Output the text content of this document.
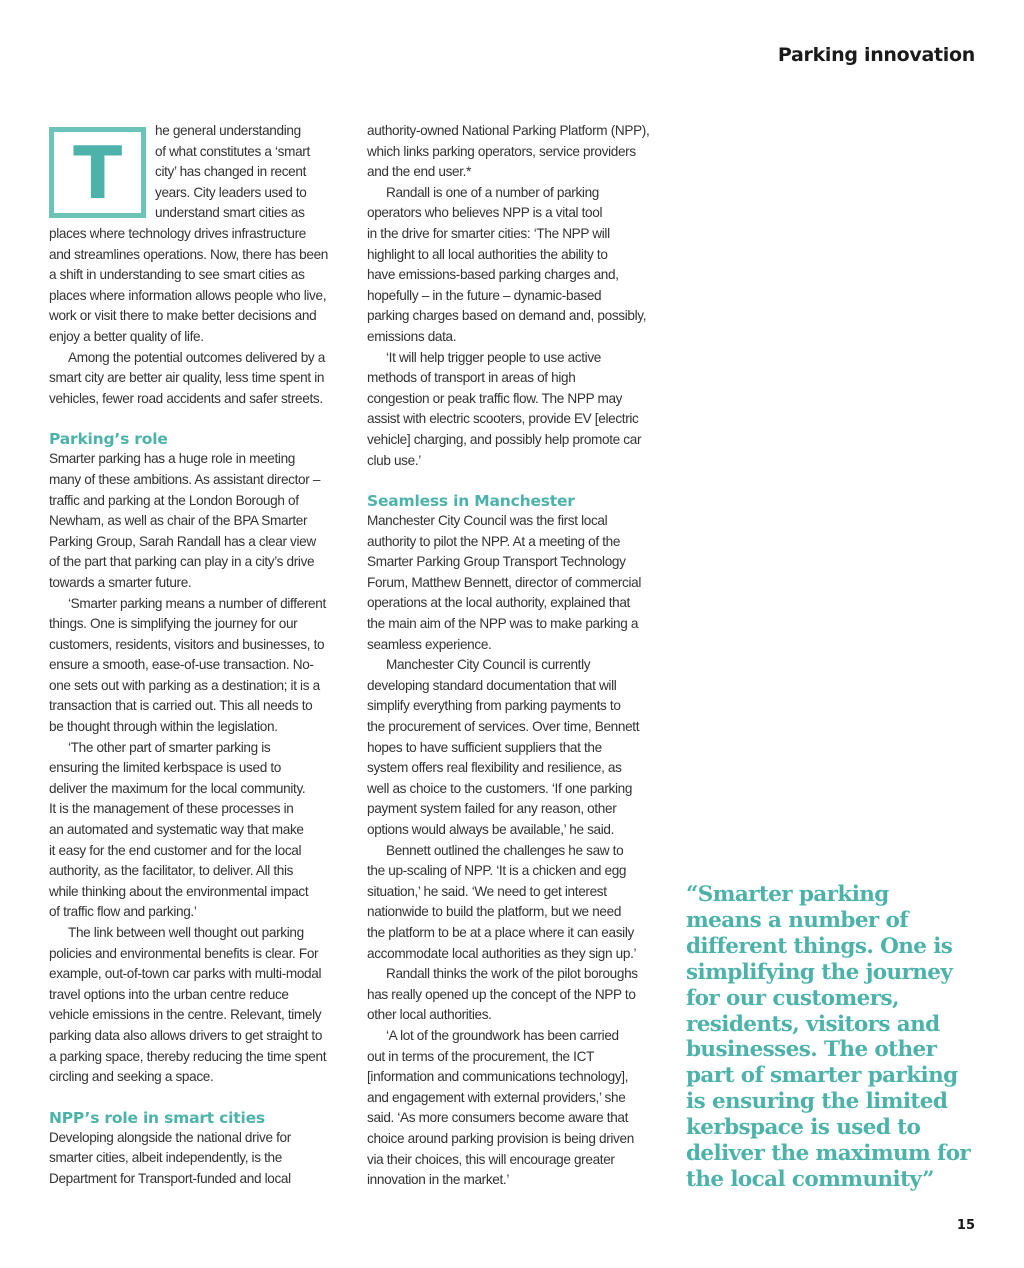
Parking innovation
T
he general understanding
of what constitutes a ‘smart
city’ has changed in recent
years. City leaders used to
understand smart cities as
places where technology drives infrastructure
and streamlines operations. Now, there has been
a shift in understanding to see smart cities as
places where information allows people who live,
work or visit there to make better decisions and
enjoy a better quality of life.
Among the potential outcomes delivered by a
smart city are better air quality, less time spent in
vehicles, fewer road accidents and safer streets.
Parking’s role
Smarter parking has a huge role in meeting
many of these ambitions. As assistant director –
traffic and parking at the London Borough of
Newham, as well as chair of the BPA Smarter
Parking Group, Sarah Randall has a clear view
of the part that parking can play in a city’s drive
towards a smarter future.
‘Smarter parking means a number of different
things. One is simplifying the journey for our
customers, residents, visitors and businesses, to
ensure a smooth, ease-of-use transaction. No-
one sets out with parking as a destination; it is a
transaction that is carried out. This all needs to
be thought through within the legislation.
‘The other part of smarter parking is
ensuring the limited kerbspace is used to
deliver the maximum for the local community.
It is the management of these processes in
an automated and systematic way that make
it easy for the end customer and for the local
authority, as the facilitator, to deliver. All this
while thinking about the environmental impact
of traffic flow and parking.’
The link between well thought out parking
policies and environmental benefits is clear. For
example, out-of-town car parks with multi-modal
travel options into the urban centre reduce
vehicle emissions in the centre. Relevant, timely
parking data also allows drivers to get straight to
a parking space, thereby reducing the time spent
circling and seeking a space.
NPP’s role in smart cities
Developing alongside the national drive for
smarter cities, albeit independently, is the
Department for Transport-funded and local
authority-owned National Parking Platform (NPP),
which links parking operators, service providers
and the end user.*
Randall is one of a number of parking
operators who believes NPP is a vital tool
in the drive for smarter cities: ‘The NPP will
highlight to all local authorities the ability to
have emissions-based parking charges and,
hopefully – in the future – dynamic-based
parking charges based on demand and, possibly,
emissions data.
‘It will help trigger people to use active
methods of transport in areas of high
congestion or peak traffic flow. The NPP may
assist with electric scooters, provide EV [electric
vehicle] charging, and possibly help promote car
club use.’
Seamless in Manchester
Manchester City Council was the first local
authority to pilot the NPP. At a meeting of the
Smarter Parking Group Transport Technology
Forum, Matthew Bennett, director of commercial
operations at the local authority, explained that
the main aim of the NPP was to make parking a
seamless experience.
Manchester City Council is currently
developing standard documentation that will
simplify everything from parking payments to
the procurement of services. Over time, Bennett
hopes to have sufficient suppliers that the
system offers real flexibility and resilience, as
well as choice to the customers. ‘If one parking
payment system failed for any reason, other
options would always be available,’ he said.
Bennett outlined the challenges he saw to
the up-scaling of NPP. ‘It is a chicken and egg
situation,’ he said. ‘We need to get interest
nationwide to build the platform, but we need
the platform to be at a place where it can easily
accommodate local authorities as they sign up.’
Randall thinks the work of the pilot boroughs
has really opened up the concept of the NPP to
other local authorities.
‘A lot of the groundwork has been carried
out in terms of the procurement, the ICT
[information and communications technology],
and engagement with external providers,’ she
said. ‘As more consumers become aware that
choice around parking provision is being driven
via their choices, this will encourage greater
innovation in the market.’
“Smarter parking
means a number of
different things. One is
simplifying the journey
for our customers,
residents, visitors and
businesses. The other
part of smarter parking
is ensuring the limited
kerbspace is used to
deliver the maximum for
the local community”
15
